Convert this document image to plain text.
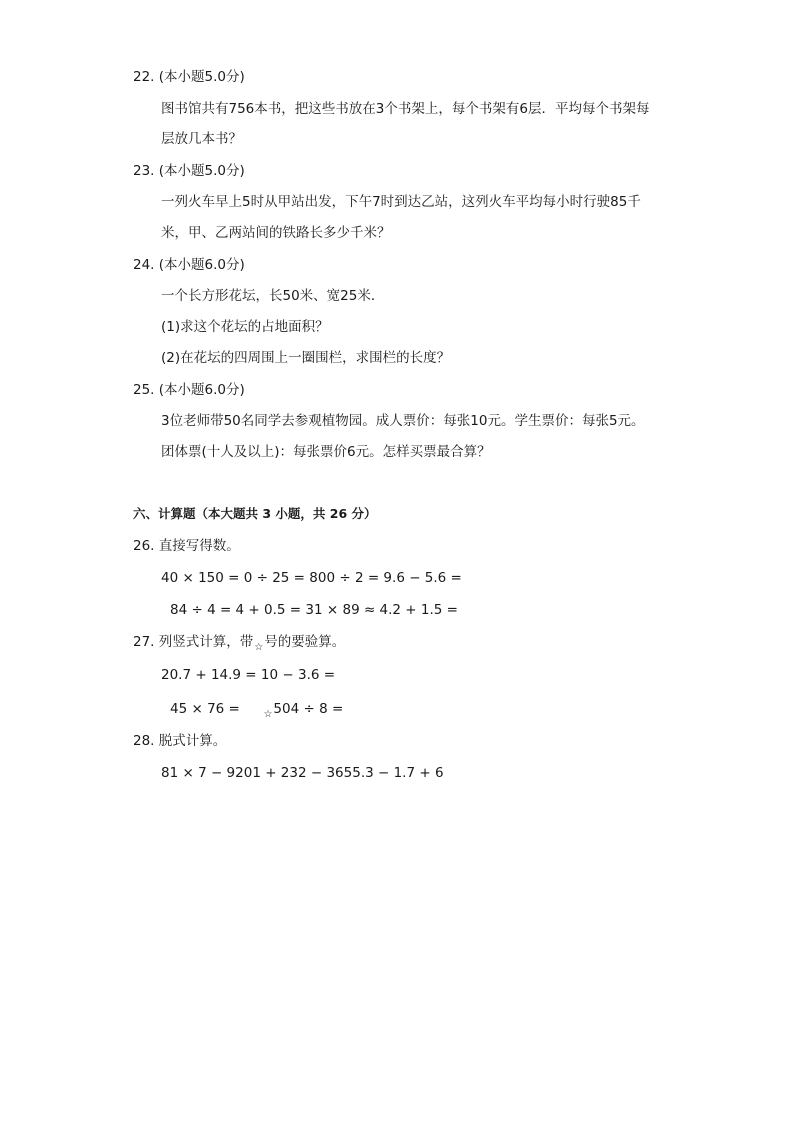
22. (本小题5.0分)
图书馆共有756本书，把这些书放在3个书架上，每个书架有6层．平均每个书架每
层放几本书？
23. (本小题5.0分)
一列火车早上5时从甲站出发，下午7时到达乙站，这列火车平均每小时行驶85千
米，甲、乙两站间的铁路长多少千米？
24. (本小题6.0分)
一个长方形花坛，长50米、宽25米．
(1)求这个花坛的占地面积？
(2)在花坛的四周围上一圈围栏，求围栏的长度？
25. (本小题6.0分)
3位老师带50名同学去参观植物园。成人票价：每张10元。学生票价：每张5元。
团体票(十人及以上)：每张票价6元。怎样买票最合算？
六、计算题（本大题共 3 小题，共 26 分）
26. 直接写得数。
40 × 150 = 0 ÷ 25 = 800 ÷ 2 = 9.6 − 5.6 =
84 ÷ 4 = 4 + 0.5 = 31 × 89 ≈ 4.2 + 1.5 =
27. 列竖式计算，带☆号的要验算。
20.7 + 14.9 = 10 − 3.6 =
45 × 76 = ☆504 ÷ 8 =
28. 脱式计算。
81 × 7 − 9201 + 232 − 3655.3 − 1.7 + 6
